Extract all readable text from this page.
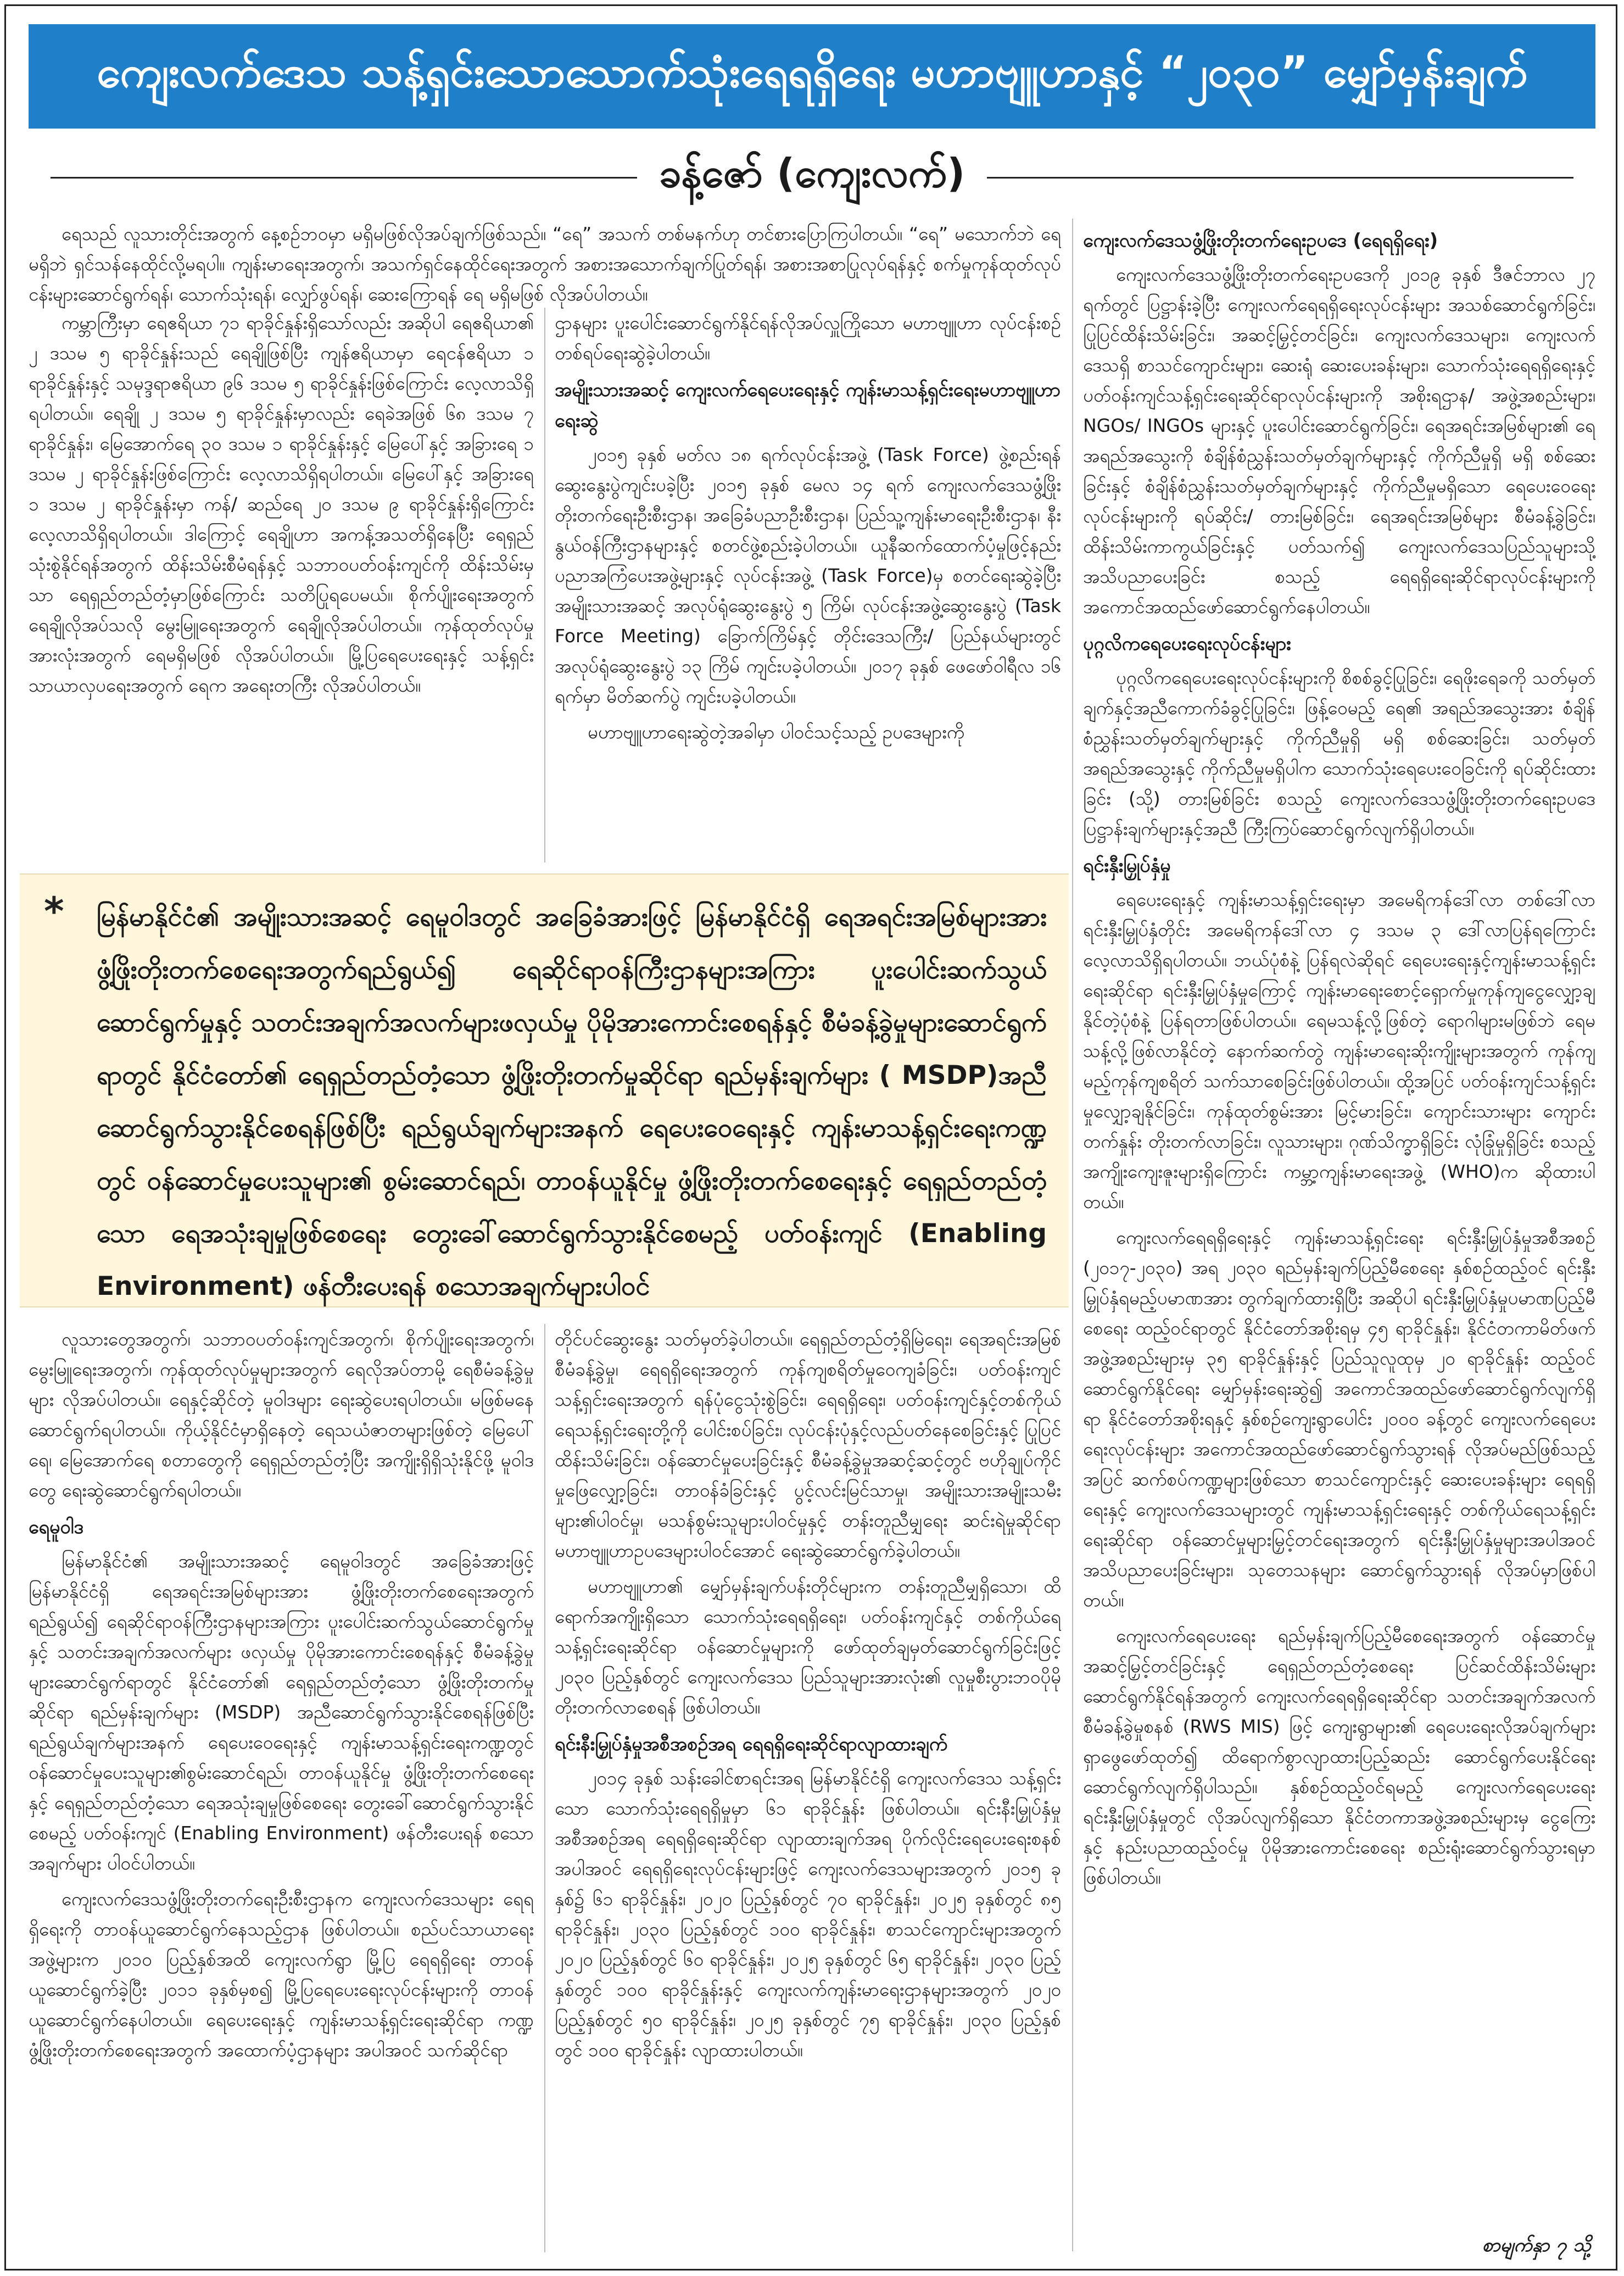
ကျေးလက်ဒေသ သန့်ရှင်းသောသောက်သုံးရေရရှိရေး မဟာဗျူဟာနှင့် “၂၀၃၀” မျှော်မှန်းချက်
ခန့်ဇော် (ကျေးလက်)

ရေသည် လူသားတိုင်းအတွက် နေ့စဉ်ဘဝမှာ မရှိမဖြစ်လိုအပ်ချက်ဖြစ်သည်။ “ရေ” အသက် တစ်မနက်ဟု တင်စားပြောကြပါတယ်။ “ရေ” မသောက်ဘဲ ရေမရှိဘဲ ရှင်သန်နေထိုင်လို့မရပါ။ ကျန်းမာရေးအတွက်၊ အသက်ရှင်နေထိုင်ရေးအတွက် အစားအသောက်ချက်ပြုတ်ရန်၊ အစားအစာပြုလုပ်ရန်နှင့် စက်မှုကုန်ထုတ်လုပ်ငန်းများဆောင်ရွက်ရန်၊ သောက်သုံးရန်၊ လျှော်ဖွပ်ရန်၊ ဆေးကြောရန် ရေ မရှိမဖြစ် လိုအပ်ပါတယ်။

ကမ္ဘာကြီးမှာ ရေဧရိယာ ၇၁ ရာခိုင်နှုန်းရှိသော်လည်း အဆိုပါ ရေဧရိယာ၏ ၂ ဒသမ ၅ ရာခိုင်နှုန်းသည် ရေချိုဖြစ်ပြီး ကျန်ဧရိယာမှာ ရေငန်ဧရိယာ ၁ ရာခိုင်နှုန်းနှင့် သမုဒ္ဒရာဧရိယာ ၉၆ ဒသမ ၅ ရာခိုင်နှုန်းဖြစ်ကြောင်း လေ့လာသိရှိရပါတယ်။ ရေချို ၂ ဒသမ ၅ ရာခိုင်နှုန်းမှာလည်း ရေခဲအဖြစ် ၆၈ ဒသမ ၇ ရာခိုင်နှုန်း၊ မြေအောက်ရေ ၃၀ ဒသမ ၁ ရာခိုင်နှုန်းနှင့် မြေပေါ်နှင့် အခြားရေ ၁ ဒသမ ၂ ရာခိုင်နှုန်းဖြစ်ကြောင်း လေ့လာသိရှိရပါတယ်။ မြေပေါ်နှင့် အခြားရေ ၁ ဒသမ ၂ ရာခိုင်နှုန်းမှာ ကန်/ ဆည်ရေ ၂၀ ဒသမ ၉ ရာခိုင်နှုန်းရှိကြောင်း လေ့လာသိရှိရပါတယ်။ ဒါကြောင့် ရေချိုဟာ အကန့်အသတ်ရှိနေပြီး ရေရှည်သုံးစွဲနိုင်ရန်အတွက် ထိန်းသိမ်းစီမံရန်နှင့် သဘာဝပတ်ဝန်းကျင်ကို ထိန်းသိမ်းမှသာ ရေရှည်တည်တံ့မှာဖြစ်ကြောင်း သတိပြုရပေမယ်။ စိုက်ပျိုးရေးအတွက် ရေချိုလိုအပ်သလို မွေးမြူရေးအတွက် ရေချိုလိုအပ်ပါတယ်။ ကုန်ထုတ်လုပ်မှု အားလုံးအတွက် ရေမရှိမဖြစ် လိုအပ်ပါတယ်။ မြို့ပြရေပေးရေးနှင့် သန့်ရှင်းသာယာလှပရေးအတွက် ရေက အရေးတကြီး လိုအပ်ပါတယ်။

ဌာနများ ပူးပေါင်းဆောင်ရွက်နိုင်ရန်လိုအပ်လှူကြိုသော မဟာဗျူဟာ လုပ်ငန်းစဉ် တစ်ရပ်ရေးဆွဲခဲ့ပါတယ်။

အမျိုးသားအဆင့် ကျေးလက်ရေပေးရေးနှင့် ကျန်းမာသန့်ရှင်းရေးမဟာဗျူဟာရေးဆွဲ

၂၀၁၅ ခုနှစ် မတ်လ ၁၈ ရက်လုပ်ငန်းအဖွဲ့ (Task Force) ဖွဲ့စည်းရန် ဆွေးနွေးပွဲကျင်းပခဲ့ပြီး ၂၀၁၅ ခုနှစ် မေလ ၁၄ ရက် ကျေးလက်ဒေသဖွံ့ဖြိုးတိုးတက်ရေးဦးစီးဌာန၊ အခြေခံပညာဦးစီးဌာန၊ ပြည်သူ့ကျန်းမာရေးဦးစီးဌာန၊ နီးနွယ်ဝန်ကြီးဌာနများနှင့် စတင်ဖွဲ့စည်းခဲ့ပါတယ်။ ယူနီဆက်ထောက်ပံ့မှုဖြင့်နည်းပညာအကြံပေးအဖွဲ့များနှင့် လုပ်ငန်းအဖွဲ့ (Task Force)မှ စတင်ရေးဆွဲခဲ့ပြီး အမျိုးသားအဆင့် အလုပ်ရုံဆွေးနွေးပွဲ ၅ ကြိမ်၊ လုပ်ငန်းအဖွဲ့ဆွေးနွေးပွဲ (Task Force Meeting) ခြောက်ကြိမ်နှင့် တိုင်းဒေသကြီး/ ပြည်နယ်များတွင် အလုပ်ရုံဆွေးနွေးပွဲ ၁၃ ကြိမ် ကျင်းပခဲ့ပါတယ်။ ၂၀၁၇ ခုနှစ် ဖေဖော်ဝါရီလ ၁၆ ရက်မှာ မိတ်ဆက်ပွဲ ကျင်းပခဲ့ပါတယ်။

မဟာဗျူဟာရေးဆွဲတဲ့အခါမှာ ပါဝင်သင့်သည့် ဥပဒေများကို

* မြန်မာနိုင်ငံ၏ အမျိုးသားအဆင့် ရေမူဝါဒတွင် အခြေခံအားဖြင့် မြန်မာနိုင်ငံရှိ ရေအရင်းအမြစ်များအား ဖွံ့ဖြိုးတိုးတက်စေရေးအတွက်ရည်ရွယ်၍ ရေဆိုင်ရာဝန်ကြီးဌာနများအကြား ပူးပေါင်းဆက်သွယ်ဆောင်ရွက်မှုနှင့် သတင်းအချက်အလက်များဖလှယ်မှု ပိုမိုအားကောင်းစေရန်နှင့် စီမံခန့်ခွဲမှုများဆောင်ရွက်ရာတွင် နိုင်ငံတော်၏ ရေရှည်တည်တံ့သော ဖွံ့ဖြိုးတိုးတက်မှုဆိုင်ရာ ရည်မှန်းချက်များ ( MSDP)အညီ ဆောင်ရွက်သွားနိုင်စေရန်ဖြစ်ပြီး ရည်ရွယ်ချက်များအနက် ရေပေးဝေရေးနှင့် ကျန်းမာသန့်ရှင်းရေးကဏ္ဍတွင် ဝန်ဆောင်မှုပေးသူများ၏ စွမ်းဆောင်ရည်၊ တာဝန်ယူနိုင်မှု ဖွံ့ဖြိုးတိုးတက်စေရေးနှင့် ရေရှည်တည်တံ့သော ရေအသုံးချမှုဖြစ်စေရေး တွေးခေါ်ဆောင်ရွက်သွားနိုင်စေမည့် ပတ်ဝန်းကျင် (Enabling Environment) ဖန်တီးပေးရန် စသောအချက်များပါဝင်

လူသားတွေအတွက်၊ သဘာဝပတ်ဝန်းကျင်အတွက်၊ စိုက်ပျိုးရေးအတွက်၊ မွေးမြူရေးအတွက်၊ ကုန်ထုတ်လုပ်မှုများအတွက် ရေလိုအပ်တာမို့ ရေစီမံခန့်ခွဲမှုများ လိုအပ်ပါတယ်။ ရေနှင့်ဆိုင်တဲ့ မူဝါဒများ ရေးဆွဲပေးရပါတယ်။ မဖြစ်မနေ ဆောင်ရွက်ရပါတယ်။ ကိုယ့်နိုင်ငံမှာရှိနေတဲ့ ရေသယံဇာတများဖြစ်တဲ့ မြေပေါ်ရေ၊ မြေအောက်ရေ စတာတွေကို ရေရှည်တည်တံ့ပြီး အကျိုးရှိရှိသုံးနိုင်ဖို့ မူဝါဒတွေ ရေးဆွဲဆောင်ရွက်ရပါတယ်။

ရေမူဝါဒ

မြန်မာနိုင်ငံ၏ အမျိုးသားအဆင့် ရေမူဝါဒတွင် အခြေခံအားဖြင့် မြန်မာနိုင်ငံရှိ ရေအရင်းအမြစ်များအား ဖွံ့ဖြိုးတိုးတက်စေရေးအတွက် ရည်ရွယ်၍ ရေဆိုင်ရာဝန်ကြီးဌာနများအကြား ပူးပေါင်းဆက်သွယ်ဆောင်ရွက်မှုနှင့် သတင်းအချက်အလက်များ ဖလှယ်မှု ပိုမိုအားကောင်းစေရန်နှင့် စီမံခန့်ခွဲမှုများဆောင်ရွက်ရာတွင် နိုင်ငံတော်၏ ရေရှည်တည်တံ့သော ဖွံ့ဖြိုးတိုးတက်မှုဆိုင်ရာ ရည်မှန်းချက်များ (MSDP) အညီဆောင်ရွက်သွားနိုင်စေရန်ဖြစ်ပြီး ရည်ရွယ်ချက်များအနက် ရေပေးဝေရေးနှင့် ကျန်းမာသန့်ရှင်းရေးကဏ္ဍတွင် ဝန်ဆောင်မှုပေးသူများ၏စွမ်းဆောင်ရည်၊ တာဝန်ယူနိုင်မှု ဖွံ့ဖြိုးတိုးတက်စေရေးနှင့် ရေရှည်တည်တံ့သော ရေအသုံးချမှုဖြစ်စေရေး တွေးခေါ်ဆောင်ရွက်သွားနိုင်စေမည့် ပတ်ဝန်းကျင် (Enabling Environment) ဖန်တီးပေးရန် စသောအချက်များ ပါဝင်ပါတယ်။

ကျေးလက်ဒေသဖွံ့ဖြိုးတိုးတက်ရေးဦးစီးဌာနက ကျေးလက်ဒေသများ ရေရရှိရေးကို တာဝန်ယူဆောင်ရွက်နေသည့်ဌာန ဖြစ်ပါတယ်။ စည်ပင်သာယာရေးအဖွဲ့များက ၂၀၁၀ ပြည့်နှစ်အထိ ကျေးလက်ရွာ မြို့ပြ ရေရရှိရေး တာဝန်ယူဆောင်ရွက်ခဲ့ပြီး ၂၀၁၁ ခုနှစ်မှစ၍ မြို့ပြရေပေးရေးလုပ်ငန်းများကို တာဝန်ယူဆောင်ရွက်နေပါတယ်။ ရေပေးရေးနှင့် ကျန်းမာသန့်ရှင်းရေးဆိုင်ရာ ကဏ္ဍဖွံ့ဖြိုးတိုးတက်စေရေးအတွက် အထောက်ပံ့ဌာနများ အပါအဝင် သက်ဆိုင်ရာ

တိုင်ပင်ဆွေးနွေး သတ်မှတ်ခဲ့ပါတယ်။ ရေရှည်တည်တံ့ရှိမြဲရေး၊ ရေအရင်းအမြစ်စီမံခန့်ခွဲမှု၊ ရေရရှိရေးအတွက် ကုန်ကျစရိတ်မှုဝေကျခံခြင်း၊ ပတ်ဝန်းကျင်သန့်ရှင်းရေးအတွက် ရန်ပုံငွေသုံးစွဲခြင်း၊ ရေရရှိရေး၊ ပတ်ဝန်းကျင်နှင့်တစ်ကိုယ်ရေသန့်ရှင်းရေးတို့ကို ပေါင်းစပ်ခြင်း၊ လုပ်ငန်းပုံနှင့်လည်ပတ်နေစေခြင်းနှင့် ပြုပြင်ထိန်းသိမ်းခြင်း၊ ဝန်ဆောင်မှုပေးခြင်းနှင့် စီမံခန့်ခွဲမှုအဆင့်ဆင့်တွင် ဗဟိုချုပ်ကိုင်မှုဖြေလျှော့ခြင်း၊ တာဝန်ခံခြင်းနှင့် ပွင့်လင်းမြင်သာမှု၊ အမျိုးသားအမျိုးသမီးများ၏ပါဝင်မှု၊ မသန်စွမ်းသူများပါဝင်မှုနှင့် တန်းတူညီမျှရေး ဆင်းရဲမှုဆိုင်ရာ မဟာဗျူဟာဥပဒေများပါဝင်အောင် ရေးဆွဲဆောင်ရွက်ခဲ့ပါတယ်။

မဟာဗျူဟာ၏ မျှော်မှန်းချက်ပန်းတိုင်များက တန်းတူညီမျှရှိသော၊ ထိရောက်အကျိုးရှိသော သောက်သုံးရေရရှိရေး၊ ပတ်ဝန်းကျင်နှင့် တစ်ကိုယ်ရေသန့်ရှင်းရေးဆိုင်ရာ ဝန်ဆောင်မှုများကို ဖော်ထုတ်ချမှတ်ဆောင်ရွက်ခြင်းဖြင့် ၂၀၃၀ ပြည့်နှစ်တွင် ကျေးလက်ဒေသ ပြည်သူများအားလုံး၏ လူမှုစီးပွားဘဝပိုမိုတိုးတက်လာစေရန် ဖြစ်ပါတယ်။

ရင်းနီးမြှုပ်နှံမှုအစီအစဉ်အရ ရေရရှိရေးဆိုင်ရာလျာထားချက်

၂၀၁၄ ခုနှစ် သန်းခေါင်စာရင်းအရ မြန်မာနိုင်ငံရှိ ကျေးလက်ဒေသ သန့်ရှင်းသော သောက်သုံးရေရရှိမှုမှာ ၆၁ ရာခိုင်နှုန်း ဖြစ်ပါတယ်။ ရင်းနီးမြှုပ်နှံမှုအစီအစဉ်အရ ရေရရှိရေးဆိုင်ရာ လျာထားချက်အရ ပိုက်လိုင်းရေပေးရေးစနစ်အပါအဝင် ရေရရှိရေးလုပ်ငန်းများဖြင့် ကျေးလက်ဒေသများအတွက် ၂၀၁၅ ခုနှစ်၌ ၆၁ ရာခိုင်နှုန်း၊ ၂၀၂၀ ပြည့်နှစ်တွင် ၇၀ ရာခိုင်နှုန်း၊ ၂၀၂၅ ခုနှစ်တွင် ၈၅ ရာခိုင်နှုန်း၊ ၂၀၃၀ ပြည့်နှစ်တွင် ၁၀၀ ရာခိုင်နှုန်း၊ စာသင်ကျောင်းများအတွက် ၂၀၂၀ ပြည့်နှစ်တွင် ၆၀ ရာခိုင်နှုန်း၊ ၂၀၂၅ ခုနှစ်တွင် ၆၅ ရာခိုင်နှုန်း၊ ၂၀၃၀ ပြည့်နှစ်တွင် ၁၀၀ ရာခိုင်နှုန်းနှင့် ကျေးလက်ကျန်းမာရေးဌာနများအတွက် ၂၀၂၀ ပြည့်နှစ်တွင် ၅၀ ရာခိုင်နှုန်း၊ ၂၀၂၅ ခုနှစ်တွင် ၇၅ ရာခိုင်နှုန်း၊ ၂၀၃၀ ပြည့်နှစ်တွင် ၁၀၀ ရာခိုင်နှုန်း လျာထားပါတယ်။

ကျေးလက်ဒေသဖွံ့ဖြိုးတိုးတက်ရေးဥပဒေ (ရေရရှိရေး)

ကျေးလက်ဒေသဖွံ့ဖြိုးတိုးတက်ရေးဥပဒေကို ၂၀၁၉ ခုနှစ် ဒီဇင်ဘာလ ၂၇ ရက်တွင် ပြဋ္ဌာန်းခဲ့ပြီး ကျေးလက်ရေရရှိရေးလုပ်ငန်းများ အသစ်ဆောင်ရွက်ခြင်း၊ ပြုပြင်ထိန်းသိမ်းခြင်း၊ အဆင့်မြှင့်တင်ခြင်း၊ ကျေးလက်ဒေသများ၊ ကျေးလက်ဒေသရှိ စာသင်ကျောင်းများ၊ ဆေးရုံ ဆေးပေးခန်းများ၊ သောက်သုံးရေရရှိရေးနှင့် ပတ်ဝန်းကျင်သန့်ရှင်းရေးဆိုင်ရာလုပ်ငန်းများကို အစိုးရဌာန/ အဖွဲ့အစည်းများ၊ NGOs/ INGOs များနှင့် ပူးပေါင်းဆောင်ရွက်ခြင်း၊ ရေအရင်းအမြစ်များ၏ ရေအရည်အသွေးကို စံချိန်စံညွှန်းသတ်မှတ်ချက်များနှင့် ကိုက်ညီမှုရှိ မရှိ စစ်ဆေးခြင်းနှင့် စံချိန်စံညွှန်းသတ်မှတ်ချက်များနှင့် ကိုက်ညီမှုမရှိသော ရေပေးဝေရေးလုပ်ငန်းများကို ရပ်ဆိုင်း/ တားမြစ်ခြင်း၊ ရေအရင်းအမြစ်များ စီမံခန့်ခွဲခြင်း၊ ထိန်းသိမ်းကာကွယ်ခြင်းနှင့် ပတ်သက်၍ ကျေးလက်ဒေသပြည်သူများသို့ အသိပညာပေးခြင်း စသည့် ရေရရှိရေးဆိုင်ရာလုပ်ငန်းများကို အကောင်အထည်ဖော်ဆောင်ရွက်နေပါတယ်။

ပုဂ္ဂလိကရေပေးရေးလုပ်ငန်းများ

ပုဂ္ဂလိကရေပေးရေးလုပ်ငန်းများကို စိစစ်ခွင့်ပြုခြင်း၊ ရေဖိုးရေခကို သတ်မှတ်ချက်နှင့်အညီကောက်ခံခွင့်ပြုခြင်း၊ ဖြန့်ဝေမည့် ရေ၏ အရည်အသွေးအား စံချိန်စံညွှန်းသတ်မှတ်ချက်များနှင့် ကိုက်ညီမှုရှိ မရှိ စစ်ဆေးခြင်း၊ သတ်မှတ်အရည်အသွေးနှင့် ကိုက်ညီမှုမရှိပါက သောက်သုံးရေပေးဝေခြင်းကို ရပ်ဆိုင်းထားခြင်း (သို့) တားမြစ်ခြင်း စသည့် ကျေးလက်ဒေသဖွံ့ဖြိုးတိုးတက်ရေးဥပဒေ ပြဋ္ဌာန်းချက်များနှင့်အညီ ကြီးကြပ်ဆောင်ရွက်လျက်ရှိပါတယ်။

ရင်းနှီးမြှုပ်နှံမှု

ရေပေးရေးနှင့် ကျန်းမာသန့်ရှင်းရေးမှာ အမေရိကန်ဒေါ်လာ တစ်ဒေါ်လာ ရင်းနှီးမြှုပ်နှံတိုင်း အမေရိကန်ဒေါ်လာ ၄ ဒသမ ၃ ဒေါ်လာပြန်ရကြောင်း လေ့လာသိရှိရပါတယ်။ ဘယ်ပုံစံနဲ့ ပြန်ရလဲဆိုရင် ရေပေးရေးနှင့်ကျန်းမာသန့်ရှင်းရေးဆိုင်ရာ ရင်းနှီးမြှုပ်နှံမှုကြောင့် ကျန်းမာရေးစောင့်ရှောက်မှုကုန်ကျငွေလျှော့ချနိုင်တဲ့ပုံစံနဲ့ ပြန်ရတာဖြစ်ပါတယ်။ ရေမသန့်လို့ဖြစ်တဲ့ ရောဂါများမဖြစ်ဘဲ ရေမသန့်လို့ဖြစ်လာနိုင်တဲ့ နောက်ဆက်တွဲ ကျန်းမာရေးဆိုးကျိုးများအတွက် ကုန်ကျမည့်ကုန်ကျစရိတ် သက်သာစေခြင်းဖြစ်ပါတယ်။ ထို့အပြင် ပတ်ဝန်းကျင်သန့်ရှင်းမှုလျှော့ချနိုင်ခြင်း၊ ကုန်ထုတ်စွမ်းအား မြင့်မားခြင်း၊ ကျောင်းသားများ ကျောင်းတက်နှုန်း တိုးတက်လာခြင်း၊ လူသားများ၊ ဂုဏ်သိက္ခာရှိခြင်း လုံခြုံမှုရှိခြင်း စသည့်အကျိုးကျေးဇူးများရှိကြောင်း ကမ္ဘာ့ကျန်းမာရေးအဖွဲ့ (WHO)က ဆိုထားပါတယ်။

ကျေးလက်ရေရရှိရေးနှင့် ကျန်းမာသန့်ရှင်းရေး ရင်းနှီးမြှုပ်နှံမှုအစီအစဉ် (၂၀၁၇-၂၀၃၀) အရ ၂၀၃၀ ရည်မှန်းချက်ပြည့်မီစေရေး နှစ်စဉ်ထည့်ဝင် ရင်းနှီးမြှုပ်နှံရမည့်ပမာဏအား တွက်ချက်ထားရှိပြီး အဆိုပါ ရင်းနှီးမြှုပ်နှံမှုပမာဏပြည့်မီစေရေး ထည့်ဝင်ရာတွင် နိုင်ငံတော်အစိုးရမှ ၄၅ ရာခိုင်နှုန်း၊ နိုင်ငံတကာမိတ်ဖက်အဖွဲ့အစည်းများမှ ၃၅ ရာခိုင်နှုန်းနှင့် ပြည်သူလူထုမှ ၂၀ ရာခိုင်နှုန်း ထည့်ဝင်ဆောင်ရွက်နိုင်ရေး မျှော်မှန်းရေးဆွဲ၍ အကောင်အထည်ဖော်ဆောင်ရွက်လျက်ရှိရာ နိုင်ငံတော်အစိုးရနှင့် နှစ်စဉ်ကျေးရွာပေါင်း ၂၀၀၀ ခန့်တွင် ကျေးလက်ရေပေးရေးလုပ်ငန်းများ အကောင်အထည်ဖော်ဆောင်ရွက်သွားရန် လိုအပ်မည်ဖြစ်သည့်အပြင် ဆက်စပ်ကဏ္ဍများဖြစ်သော စာသင်ကျောင်းနှင့် ဆေးပေးခန်းများ ရေရရှိရေးနှင့် ကျေးလက်ဒေသများတွင် ကျန်းမာသန့်ရှင်းရေးနှင့် တစ်ကိုယ်ရေသန့်ရှင်းရေးဆိုင်ရာ ဝန်ဆောင်မှုများမြှင့်တင်ရေးအတွက် ရင်းနှီးမြှုပ်နှံမှုများအပါအဝင် အသိပညာပေးခြင်းများ၊ သုတေသနများ ဆောင်ရွက်သွားရန် လိုအပ်မှာဖြစ်ပါတယ်။

ကျေးလက်ရေပေးရေး ရည်မှန်းချက်ပြည့်မီစေရေးအတွက် ဝန်ဆောင်မှုအဆင့်မြှင့်တင်ခြင်းနှင့် ရေရှည်တည်တံ့စေရေး ပြင်ဆင်ထိန်းသိမ်းများ ဆောင်ရွက်နိုင်ရန်အတွက် ကျေးလက်ရေရရှိရေးဆိုင်ရာ သတင်းအချက်အလက် စီမံခန့်ခွဲမှုစနစ် (RWS MIS) ဖြင့် ကျေးရွာများ၏ ရေပေးရေးလိုအပ်ချက်များ ရှာဖွေဖော်ထုတ်၍ ထိရောက်စွာလျာထားပြည့်ဆည်း ဆောင်ရွက်ပေးနိုင်ရေး ဆောင်ရွက်လျက်ရှိပါသည်။ နှစ်စဉ်ထည့်ဝင်ရမည့် ကျေးလက်ရေပေးရေး ရင်းနှီးမြှုပ်နှံမှုတွင် လိုအပ်လျက်ရှိသော နိုင်ငံတကာအဖွဲ့အစည်းများမှ ငွေကြေးနှင့် နည်းပညာထည့်ဝင်မှု ပိုမိုအားကောင်းစေရေး စည်းရုံးဆောင်ရွက်သွားရမှာ ဖြစ်ပါတယ်။

စာမျက်နှာ ၇ သို့
